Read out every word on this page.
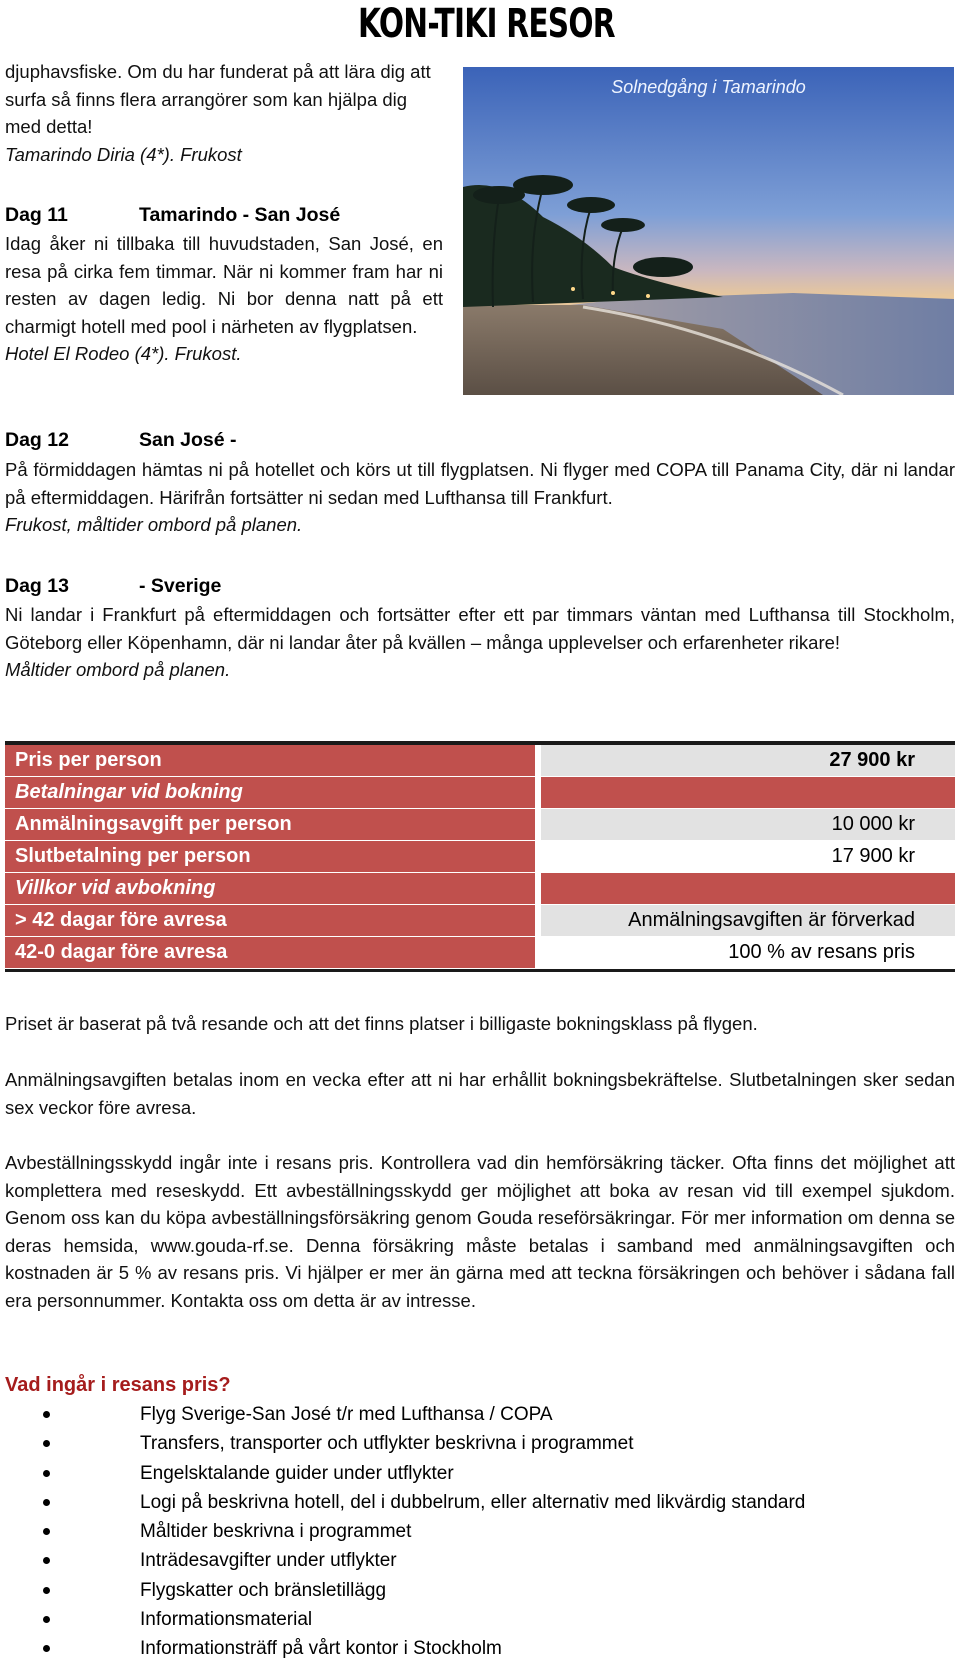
KON-TIKI RESOR
djuphavsfiske. Om du har funderat på att lära dig att surfa så finns flera arrangörer som kan hjälpa dig med detta!
Tamarindo Diria (4*). Frukost
Solnedgång i Tamarindo
Dag 11	Tamarindo - San José
Idag åker ni tillbaka till huvudstaden, San José, en resa på cirka fem timmar. När ni kommer fram har ni resten av dagen ledig. Ni bor denna natt på ett charmigt hotell med pool i närheten av flygplatsen.
Hotel El Rodeo (4*). Frukost.
Dag 12	San José -
På förmiddagen hämtas ni på hotellet och körs ut till flygplatsen. Ni flyger med COPA till Panama City, där ni landar på eftermiddagen. Härifrån fortsätter ni sedan med Lufthansa till Frankfurt.
Frukost, måltider ombord på planen.
Dag 13	- Sverige
Ni landar i Frankfurt på eftermiddagen och fortsätter efter ett par timmars väntan med Lufthansa till Stockholm, Göteborg eller Köpenhamn, där ni landar åter på kvällen – många upplevelser och erfarenheter rikare!
Måltider ombord på planen.
Pris per person	27 900 kr
Betalningar vid bokning
Anmälningsavgift per person	10 000 kr
Slutbetalning per person	17 900 kr
Villkor vid avbokning
> 42 dagar före avresa	Anmälningsavgiften är förverkad
42-0 dagar före avresa	100 % av resans pris
Priset är baserat på två resande och att det finns platser i billigaste bokningsklass på flygen.
Anmälningsavgiften betalas inom en vecka efter att ni har erhållit bokningsbekräftelse. Slutbetalningen sker sedan sex veckor före avresa.
Avbeställningsskydd ingår inte i resans pris. Kontrollera vad din hemförsäkring täcker. Ofta finns det möjlighet att komplettera med reseskydd. Ett avbeställningsskydd ger möjlighet att boka av resan vid till exempel sjukdom. Genom oss kan du köpa avbeställningsförsäkring genom Gouda reseförsäkringar. För mer information om denna se deras hemsida, www.gouda-rf.se. Denna försäkring måste betalas i samband med anmälningsavgiften och kostnaden är 5 % av resans pris. Vi hjälper er mer än gärna med att teckna försäkringen och behöver i sådana fall era personnummer. Kontakta oss om detta är av intresse.
Vad ingår i resans pris?
Flyg Sverige-San José t/r med Lufthansa / COPA
Transfers, transporter och utflykter beskrivna i programmet
Engelsktalande guider under utflykter
Logi på beskrivna hotell, del i dubbelrum, eller alternativ med likvärdig standard
Måltider beskrivna i programmet
Inträdesavgifter under utflykter
Flygskatter och bränsletillägg
Informationsmaterial
Informationsträff på vårt kontor i Stockholm
